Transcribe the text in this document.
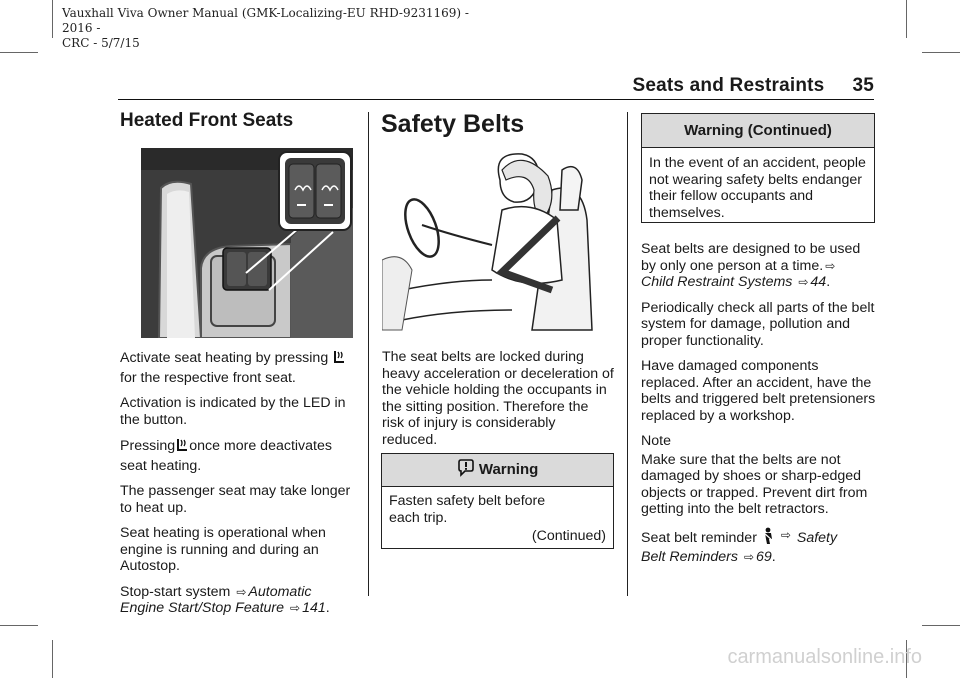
Vauxhall Viva Owner Manual (GMK-Localizing-EU RHD-9231169) - 2016 -
CRC - 5/7/15
Seats and Restraints 35
Heated Front Seats

Activate seat heating by pressing
for the respective front seat.

Activation is indicated by the LED in the button.

Pressing once more deactivates
seat heating.

The passenger seat may take longer to heat up.

Seat heating is operational when engine is running and during an Autostop.

Stop-start system ⇨ Automatic
Engine Start/Stop Feature ⇨ 141.

Safety Belts

The seat belts are locked during heavy acceleration or deceleration of the vehicle holding the occupants in the sitting position. Therefore the risk of injury is considerably reduced.

Warning
Fasten safety belt before each trip.
(Continued)
Warning (Continued)
In the event of an accident, people not wearing safety belts endanger their fellow occupants and themselves.

Seat belts are designed to be used by only one person at a time. ⇨
Child Restraint Systems ⇨ 44.

Periodically check all parts of the belt system for damage, pollution and proper functionality.

Have damaged components replaced. After an accident, have the belts and triggered belt pretensioners replaced by a workshop.

Note

Make sure that the belts are not damaged by shoes or sharp-edged objects or trapped. Prevent dirt from getting into the belt retractors.

Seat belt reminder ⇨ Safety
Belt Reminders ⇨ 69.

carmanualsonline.info
